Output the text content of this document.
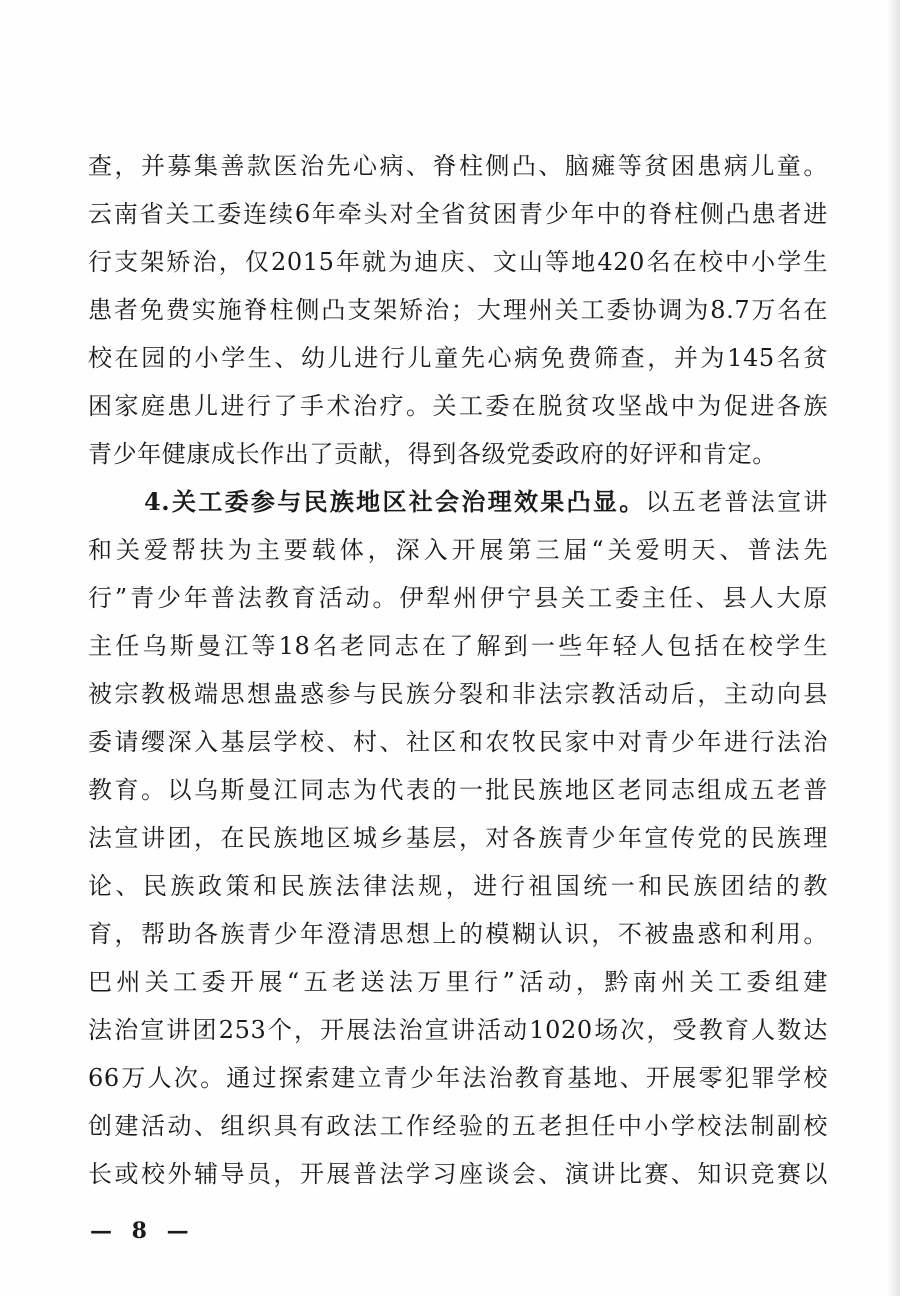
查，并募集善款医治先心病、脊柱侧凸、脑瘫等贫困患病儿童。
云南省关工委连续6年牵头对全省贫困青少年中的脊柱侧凸患者进
行支架矫治，仅2015年就为迪庆、文山等地420名在校中小学生
患者免费实施脊柱侧凸支架矫治；大理州关工委协调为8.7万名在
校在园的小学生、幼儿进行儿童先心病免费筛查，并为145名贫
困家庭患儿进行了手术治疗。关工委在脱贫攻坚战中为促进各族
青少年健康成长作出了贡献，得到各级党委政府的好评和肯定。
4.关工委参与民族地区社会治理效果凸显。以五老普法宣讲
和关爱帮扶为主要载体，深入开展第三届“关爱明天、普法先
行”青少年普法教育活动。伊犁州伊宁县关工委主任、县人大原
主任乌斯曼江等18名老同志在了解到一些年轻人包括在校学生
被宗教极端思想蛊惑参与民族分裂和非法宗教活动后，主动向县
委请缨深入基层学校、村、社区和农牧民家中对青少年进行法治
教育。以乌斯曼江同志为代表的一批民族地区老同志组成五老普
法宣讲团，在民族地区城乡基层，对各族青少年宣传党的民族理
论、民族政策和民族法律法规，进行祖国统一和民族团结的教
育，帮助各族青少年澄清思想上的模糊认识，不被蛊惑和利用。
巴州关工委开展“五老送法万里行”活动，黔南州关工委组建
法治宣讲团253个，开展法治宣讲活动1020场次，受教育人数达
66万人次。通过探索建立青少年法治教育基地、开展零犯罪学校
创建活动、组织具有政法工作经验的五老担任中小学校法制副校
长或校外辅导员，开展普法学习座谈会、演讲比赛、知识竞赛以
— 8 —
